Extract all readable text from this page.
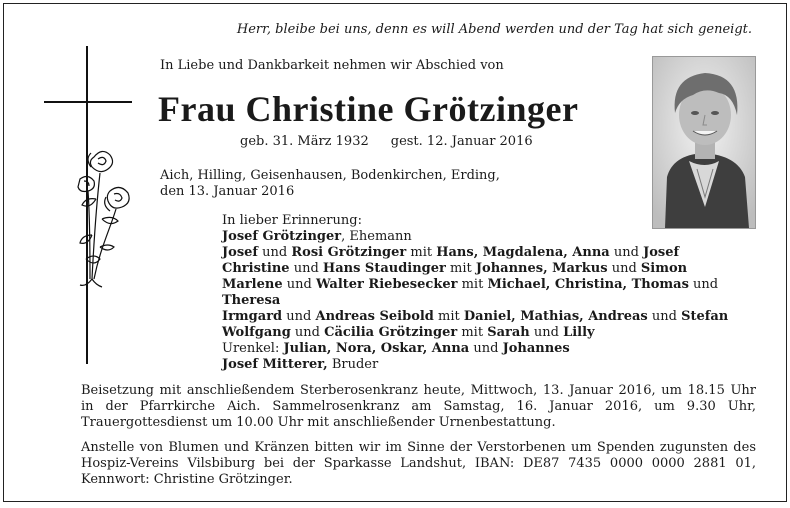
Herr, bleibe bei uns, denn es will Abend werden und der Tag hat sich geneigt.
In Liebe und Dankbarkeit nehmen wir Abschied von
Frau Christine Grötzinger
geb. 31. März 1932 gest. 12. Januar 2016
Aich, Hilling, Geisenhausen, Bodenkirchen, Erding,
den 13. Januar 2016
In lieber Erinnerung:
Josef Grötzinger, Ehemann
Josef und Rosi Grötzinger mit Hans, Magdalena, Anna und Josef
Christine und Hans Staudinger mit Johannes, Markus und Simon
Marlene und Walter Riebesecker mit Michael, Christina, Thomas und Theresa
Irmgard und Andreas Seibold mit Daniel, Mathias, Andreas und Stefan
Wolfgang und Cäcilia Grötzinger mit Sarah und Lilly
Urenkel: Julian, Nora, Oskar, Anna und Johannes
Josef Mitterer, Bruder
Beisetzung mit anschließendem Sterberosenkranz heute, Mittwoch, 13. Januar 2016, um 18.15 Uhr in der Pfarrkirche Aich. Sammelrosenkranz am Samstag, 16. Januar 2016, um 9.30 Uhr, Trauergottesdienst um 10.00 Uhr mit anschließender Urnenbestattung.
Anstelle von Blumen und Kränzen bitten wir im Sinne der Verstorbenen um Spenden zugunsten des Hospiz-Vereins Vilsbiburg bei der Sparkasse Landshut, IBAN: DE87 7435 0000 0000 2881 01, Kennwort: Christine Grötzinger.
